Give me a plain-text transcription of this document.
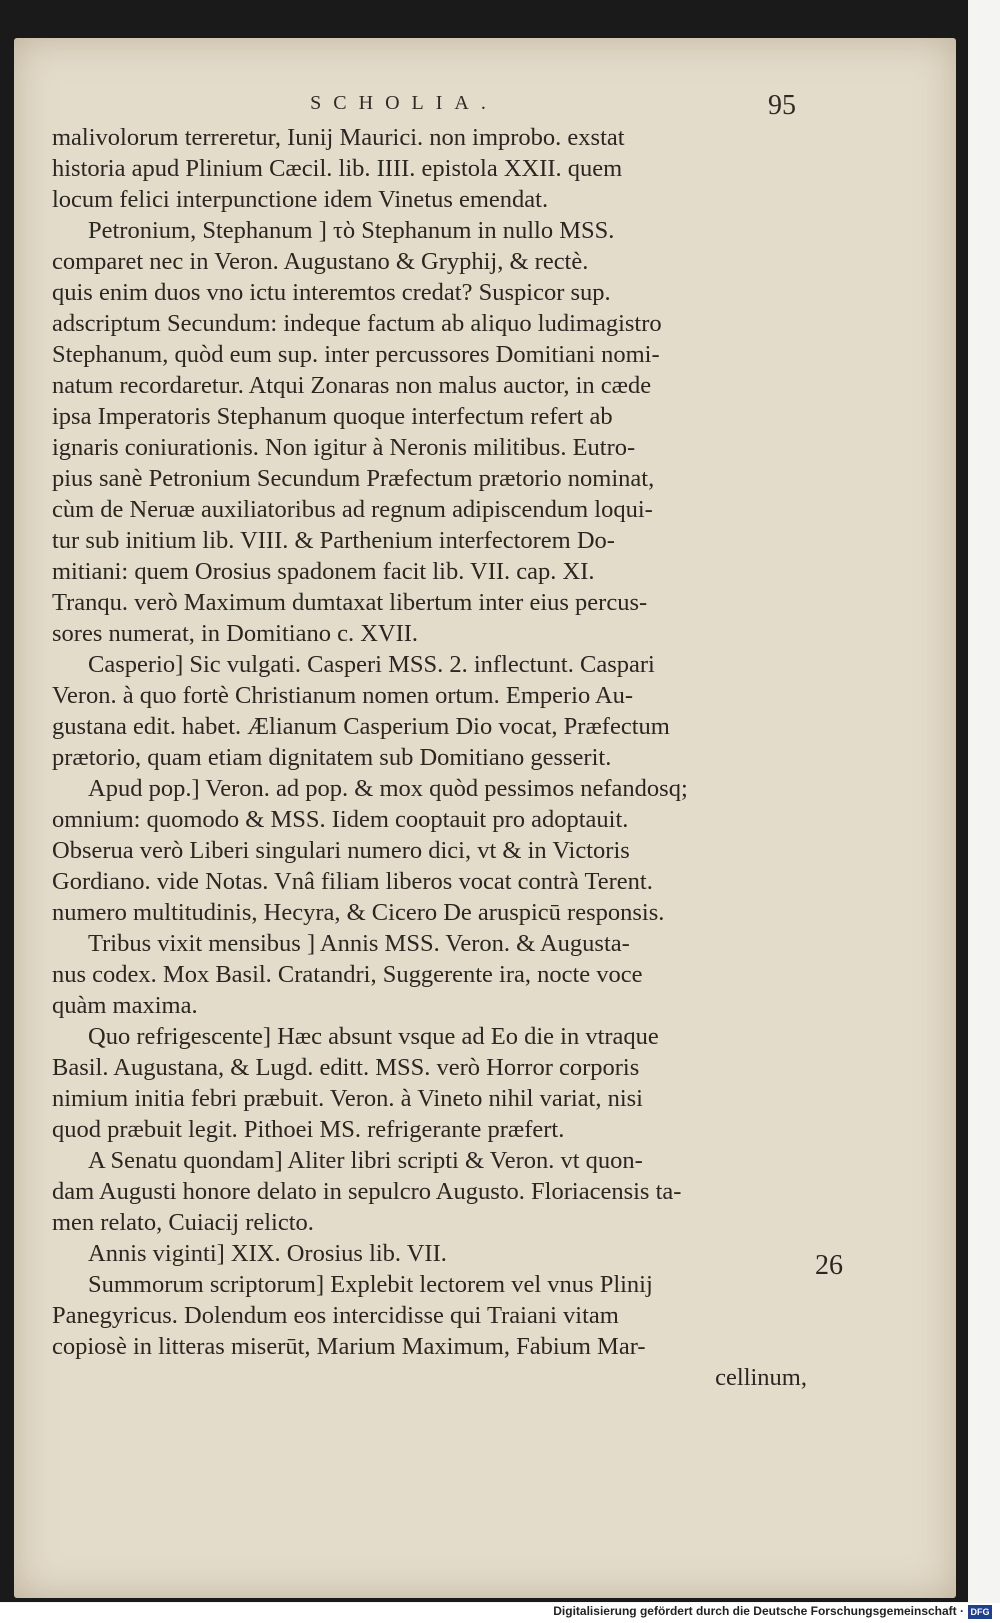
SCHOLIA.	95
malivolorum terreretur, Iunij Maurici. non improbo. exstat
historia apud Plinium Cæcil. lib. IIII. epistola XXII. quem
locum felici interpunctione idem Vinetus emendat.
Petronium, Stephanum ] τὸ Stephanum in nullo MSS.
comparet nec in Veron. Augustano & Gryphij, & rectè.
quis enim duos vno ictu interemtos credat? Suspicor sup.
adscriptum Secundum: indeque factum ab aliquo ludimagistro
Stephanum, quòd eum sup. inter percussores Domitiani nomi-
natum recordaretur. Atqui Zonaras non malus auctor, in cæde
ipsa Imperatoris Stephanum quoque interfectum refert ab
ignaris coniurationis. Non igitur à Neronis militibus. Eutro-
pius sanè Petronium Secundum Præfectum prætorio nominat,
cùm de Neruæ auxiliatoribus ad regnum adipiscendum loqui-
tur sub initium lib. VIII. & Parthenium interfectorem Do-
mitiani: quem Orosius spadonem facit lib. VII. cap. XI.
Tranqu. verò Maximum dumtaxat libertum inter eius percus-
sores numerat, in Domitiano c. XVII.
Casperio] Sic vulgati. Casperi MSS. 2. inflectunt. Caspari
Veron. à quo fortè Christianum nomen ortum. Emperio Au-
gustana edit. habet. Ælianum Casperium Dio vocat, Præfectum
prætorio, quam etiam dignitatem sub Domitiano gesserit.
Apud pop.] Veron. ad pop. & mox quòd pessimos nefandosq;
omnium: quomodo & MSS. Iidem cooptauit pro adoptauit.
Obserua verò Liberi singulari numero dici, vt & in Victoris
Gordiano. vide Notas. Vnâ filiam liberos vocat contrà Terent.
numero multitudinis, Hecyra, & Cicero De aruspicū responsis.
Tribus vixit mensibus ] Annis MSS. Veron. & Augusta-
nus codex. Mox Basil. Cratandri, Suggerente ira, nocte voce
quàm maxima.
Quo refrigescente] Hæc absunt vsque ad Eo die in vtraque
Basil. Augustana, & Lugd. editt. MSS. verò Horror corporis
nimium initia febri præbuit. Veron. à Vineto nihil variat, nisi
quod præbuit legit. Pithoei MS. refrigerante præfert.
A Senatu quondam] Aliter libri scripti & Veron. vt quon-
dam Augusti honore delato in sepulcro Augusto. Floriacensis ta-
men relato, Cuiacij relicto.
Annis viginti] XIX. Orosius lib. VII.
Summorum scriptorum] Explebit lectorem vel vnus Plinij
Panegyricus. Dolendum eos intercidisse qui Traiani vitam
copiosè in litteras miserūt, Marium Maximum, Fabium Mar-
cellinum,
26
Digitalisierung gefördert durch die Deutsche Forschungsgemeinschaft · DFG
